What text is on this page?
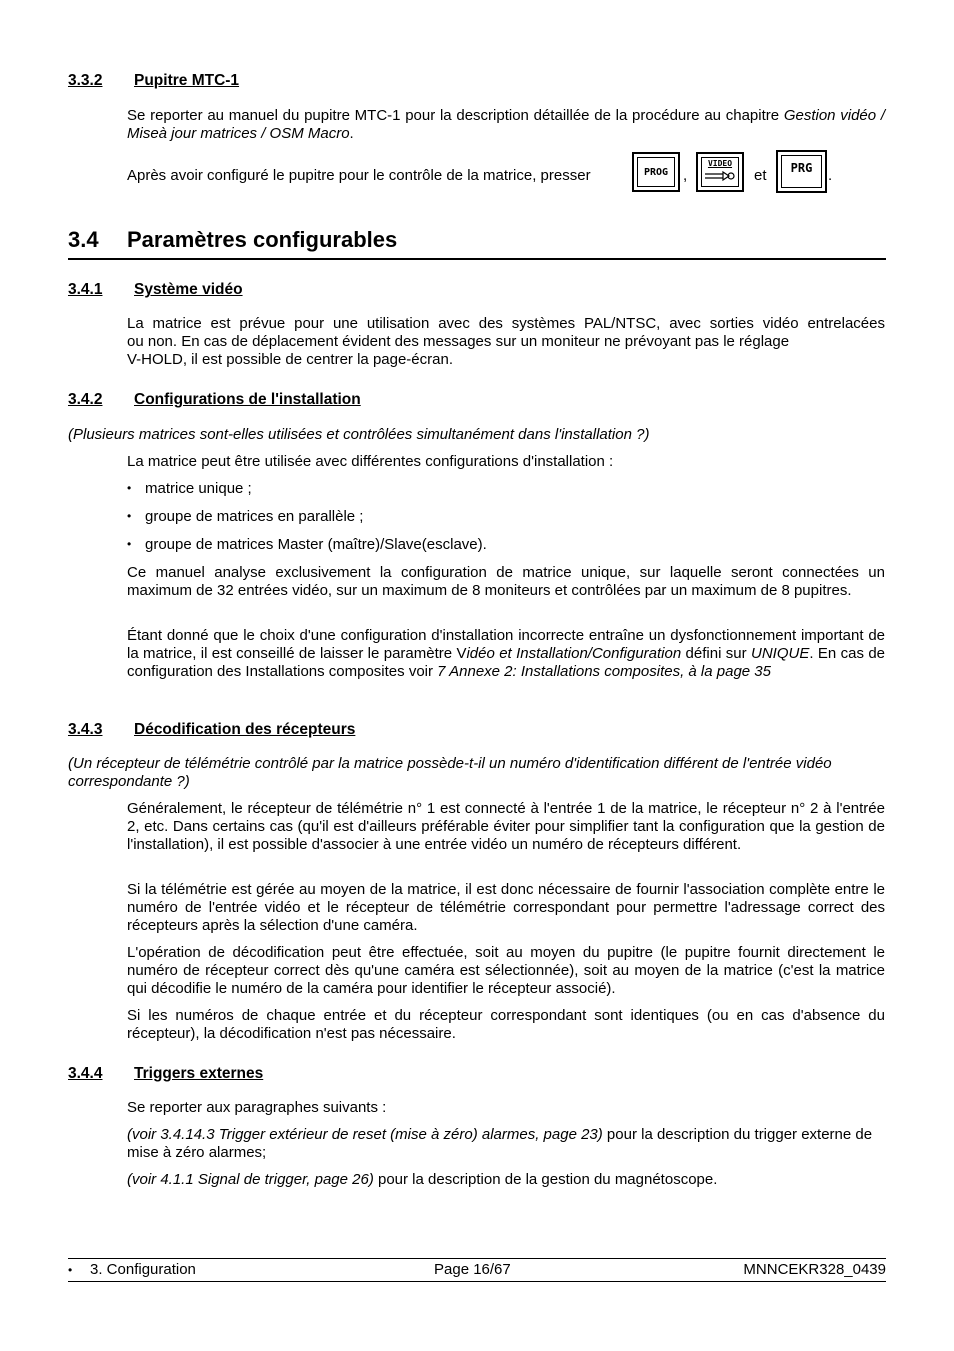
3.3.2 Pupitre MTC-1
Se reporter au manuel du pupitre MTC-1 pour la description détaillée de la procédure au chapitre Gestion vidéo / Miseà jour matrices / OSM Macro.
Après avoir configuré le pupitre pour le contrôle de la matrice, presser	PROG ,
VIDEO
et	PRG	.
3.4 Paramètres configurables
3.4.1 Système vidéo
La matrice est prévue pour une utilisation avec des systèmes PAL/NTSC, avec sorties vidéo entrelacées
ou non. En cas de déplacement évident des messages sur un moniteur ne prévoyant pas le réglage
V-HOLD, il est possible de centrer la page-écran.
3.4.2 Configurations de l'installation
(Plusieurs matrices sont-elles utilisées et contrôlées simultanément dans l'installation ?)
La matrice peut être utilisée avec différentes configurations d'installation :
• matrice unique ;
• groupe de matrices en parallèle ;
• groupe de matrices Master (maître)/Slave(esclave).
Ce manuel analyse exclusivement la configuration de matrice unique, sur laquelle seront connectées un maximum de 32 entrées vidéo, sur un maximum de 8 moniteurs et contrôlées par un maximum de 8 pupitres.
Étant donné que le choix d'une configuration d'installation incorrecte entraîne un dysfonctionnement important de la matrice, il est conseillé de laisser le paramètre Vidéo et Installation/Configuration défini sur UNIQUE. En cas de configuration des Installations composites voir 7 Annexe 2: Installations composites, à la page 35
3.4.3 Décodification des récepteurs
(Un récepteur de télémétrie contrôlé par la matrice possède-t-il un numéro d'identification différent de l'entrée vidéo correspondante ?)
Généralement, le récepteur de télémétrie n° 1 est connecté à l'entrée 1 de la matrice, le récepteur n° 2 à l'entrée 2, etc. Dans certains cas (qu'il est d'ailleurs préférable éviter pour simplifier tant la configuration que la gestion de l'installation), il est possible d'associer à une entrée vidéo un numéro de récepteurs différent.
Si la télémétrie est gérée au moyen de la matrice, il est donc nécessaire de fournir l'association complète entre le numéro de l'entrée vidéo et le récepteur de télémétrie correspondant pour permettre l'adressage correct des récepteurs après la sélection d'une caméra.
L'opération de décodification peut être effectuée, soit au moyen du pupitre (le pupitre fournit directement le numéro de récepteur correct dès qu'une caméra est sélectionnée), soit au moyen de la matrice (c'est la matrice qui décodifie le numéro de la caméra pour identifier le récepteur associé).
Si les numéros de chaque entrée et du récepteur correspondant sont identiques (ou en cas d'absence du récepteur), la décodification n'est pas nécessaire.
3.4.4 Triggers externes
Se reporter aux paragraphes suivants :
(voir 3.4.14.3 Trigger extérieur de reset (mise à zéro) alarmes, page 23) pour la description du trigger externe de mise à zéro alarmes;
(voir 4.1.1 Signal de trigger, page 26) pour la description de la gestion du magnétoscope.
• 3. Configuration	Page 16/67	MNNCEKR328_0439
